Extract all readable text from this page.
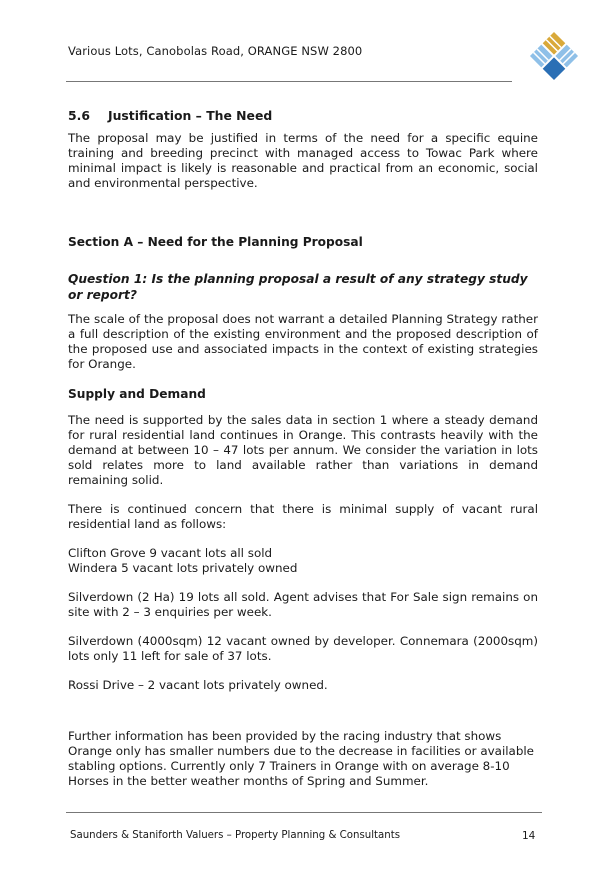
Various Lots, Canobolas Road, ORANGE NSW 2800
5.6 Justification – The Need

The proposal may be justified in terms of the need for a specific equine training and breeding precinct with managed access to Towac Park where minimal impact is likely is reasonable and practical from an economic, social and environmental perspective.

Section A – Need for the Planning Proposal
Question 1: Is the planning proposal a result of any strategy study or report?

The scale of the proposal does not warrant a detailed Planning Strategy rather a full description of the existing environment and the proposed description of the proposed use and associated impacts in the context of existing strategies for Orange.

Supply and Demand

The need is supported by the sales data in section 1 where a steady demand for rural residential land continues in Orange. This contrasts heavily with the demand at between 10 – 47 lots per annum. We consider the variation in lots sold relates more to land available rather than variations in demand remaining solid.

There is continued concern that there is minimal supply of vacant rural residential land as follows:

Clifton Grove 9 vacant lots all sold

Windera 5 vacant lots privately owned

Silverdown (2 Ha) 19 lots all sold. Agent advises that For Sale sign remains on site with 2 – 3 enquiries per week.

Silverdown (4000sqm) 12 vacant owned by developer. Connemara (2000sqm) lots only 11 left for sale of 37 lots.

Rossi Drive – 2 vacant lots privately owned.

Further information has been provided by the racing industry that shows Orange only has smaller numbers due to the decrease in facilities or available stabling options. Currently only 7 Trainers in Orange with on average 8-10 Horses in the better weather months of Spring and Summer.

Saunders & Staniforth Valuers – Property Planning & Consultants	14
